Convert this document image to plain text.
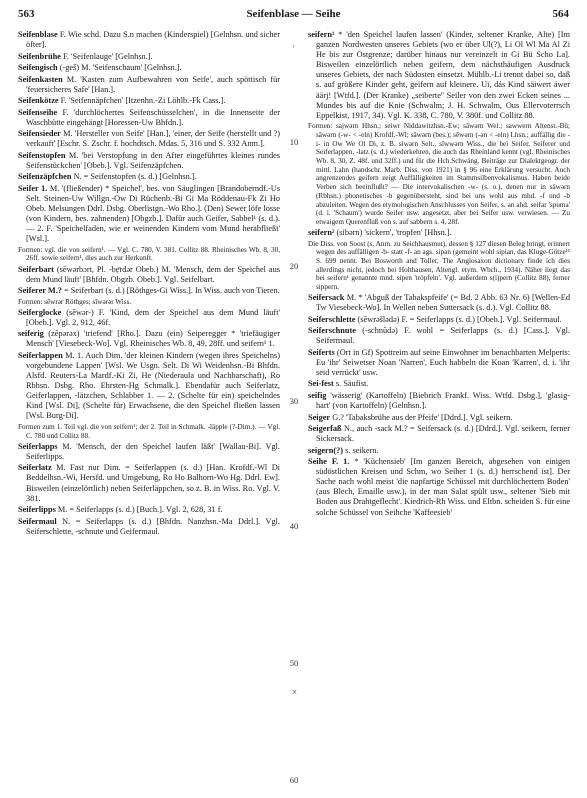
563	Seifenblase — Seihe	564

Seifenblase F. Wie schd. Dazu S.n machen (Kinderspiel) [Gelnhsn. und sicher öfter].

Seifenbrühe F. 'Seifenlauge' [Gelnhsn.].

Seifengisch (-geš) M. 'Seifenschaum' [Gelnhsn.].

Seifenkasten M. 'Kasten zum Aufbewahren von Seife', auch spöttisch für 'feuersicheres Safe' [Han.].

Seifenkötze F. 'Seifennäpfchen' [Itzenhn.-Zi Löhlb.-Fk Cass.].

Seifenseihe F. 'durchlöchertes Seifenschüsselchen', in die Innenseite der Waschbütte eingehängt [Horessen-Uw Bhfdn.].

Seifensieder M. 'Hersteller von Seife' [Han.], 'einer, der Seife (herstellt und ?) verkauft' [Eschr. S. Zschr. f. hochdtsch. Mdas. 5, 316 und S. 332 Anm.].

Seifenstopfen M. 'bei Verstopfung in den After eingeführtes kleines rundes Seifenstückchen' [Obeb.]. Vgl. Seifenzäpfchen.

Seifenzäpfchen N. = Seifenstopfen (s. d.) [Gelnhsn.].

Seifer 1. M. '(fließender) * Speichel', bes. von Säuglingen [Brandoberndf.-Us Selt. Steinen-Uw Willgn.-Ow Di Rüchenb.-Bi Gi Ma Röddenau-Fk Zi Ho Obeb. Melsungen Ddrl. Dsbg. Oberlistgn.-Wo Rho.]. (Den) Sewer löfe losse (von Kindern, bes. zahnenden) [Obgzb.]. Dafür auch Geifer, Sabbel¹ (s. d.). — 2. F. 'Speichelfaden, wie er weinenden Kindern vom Mund herabfließt' [Wsl.].

Formen: vgl. die von seifern¹. — Vgl. C. 780, V. 381. Collitz 88. Rheinisches Wb. 8, 30, 26ff. sowie seifern¹, dies auch zur Herkunft.

Seiferbart (sēwərbɔrt, Pl. -bẹ̄rdər Obeb.) M. 'Mensch, dem der Speichel aus dem Mund läuft' [Bhfdn. Obgzb. Obeb.]. Vgl. Seifelbart.

Seiferer M.? = Seiferbart (s. d.) [Röthges-Gi Wiss.]. In Wiss. auch von Tieren.

Formen: sēwrər Röthges; sīwərər Wiss.

Seiferglocke (sēwər-) F. 'Kind, dem der Speichel aus dem Mund läuft' [Obeb.]. Vgl. 2, 912, 46f.

seiferig (zēpərəx) 'triefend' [Rho.]. Dazu (ein) Seiperegger * 'triefäugiger Mensch' [Viesebeck-Wo]. Vgl. Rheinisches Wb. 8, 49, 28ff. und seifern¹ 1.

Seiferlappen M. 1. Auch Dim. 'der kleinen Kindern (wegen ihres Speichelns) vorgebundene Lappen' [Wsl. We Usgn. Selt. Di Wi Weidenhsn.-Bi Bhfdn. Alsfd. Reuters-La Mardf.-Ki Zi, He (Niederaula und Nachbarschaft), Ro Rbhsn. Dsbg. Rho. Ehrsten-Hg Schmalk.]. Ebendafür auch Seiferlatz, Geiferlappen, -lätzchen, Schlabber 1. — 2. (Schelte für ein) speichelndes Kind [Wsl. Di], (Schelte für) Erwachsene, die den Speichel fließen lassen [Wsl. Burg-Di].

Formen zum 1. Teil vgl. die von seifern¹; der 2. Teil in Schmalk. -läpple (?-Dim.). — Vgl. C. 780 und Collitz 88.

Seiferlapps M. 'Mensch, der den Speichel laufen läßt' [Wallau-Bi]. Vgl. Seiferlipps.

Seiferlatz M. Fast nur Dim. = Seiferlappen (s. d.) [Han. Krofdf.-Wl Di Beddelhsn.-Wi, Hersfd. und Umgebung, Ro Ho Balhorn-Wo Hg. Ddrl. Ew]. Bisweilen (einzelörtlich) neben Seiferläppchen, so z. B. in Wiss. Ro. Vgl. V. 381.

Seiferlipps M. = Seiferlapps (s. d.) [Buch.]. Vgl. 2, 628, 31 f.

Seifermaul N. = Seiferlapps (s. d.) [Bhfdn. Nanzhsn.-Ma Ddrl.]. Vgl. Seiferschlette, -schnute und Geifermaul.

seifern¹ * 'den Speichel laufen lassen' (Kinder, seltener Kranke, Alte) [Im ganzen Nordwesten unseres Gebiets (wo er über Ul(?), Li Ol Wl Ma Al Zi He bis zur Ostgrenze; darüber hinaus nur vereinzelt in Gi Bü Scho La]. Bisweilen einzelörtlich neben geifern, dem nächsthäufigen Ausdruck unseres Gebiets, der nach Südosten einsetzt. Mühlb.-Li trennt dabei so, daß s. auf größere Kinder geht, geifern auf kleinere. Ui, dás Kind säiwert äwer äärj! [Wtfd.]. (Der Kranke) „seiberte'' Seiler von den zwei Ecken seines ... Mundes bis auf die Knie (Schwalm; J. H. Schwalm, Ous Ellervoterrsch Eppelkist, 1917, 34). Vgl. K. 338, C. 780, V. 380f. und Collitz 88.

Formen: sajwərn Hhsn.; seiwr Niddawitzhsn.-Ew; sāwərn Wel.; sawwern Altenst.-Bü; sāwərn (-w- < -eln) Krofdf.-Wl; sāwərn (bes.); sēwərn (-ən < -eln) Lhsn.; auffällig die -i- in Ow We Ol Di, z. B. siwərn Selt., sīwwərn Wiss., die bei Seifer, Seiferer und Seiferlappen, -latz (s. d.) wiederkehren, die auch das Rheinland kennt (vgl. Rheinisches Wb. 8, 30, Z. 48f. und 32ff.) und für die Hch.Schwäng. Beiträge zur Dialektgeogr. der mittl. Lahn (handschr. Marb. Diss. von 1921) in § 96 eine Erklärung versucht. Auch angrenzendes geifern zeigt Auffälligkeiten im Stammsilbenvokalismus. Haben beide Verben sich beeinflußt? — Die intervokalischen -w- (s. o.), denen nur in säwərn (Rbhsn.) phonetisches -b gegenübersteht, sind bei uns wohl aus mhd. -f und -b abzuleiten. Wegen des etymologischen Anschlusses von Seifer, s. an ahd. seifar 'spuma' (d. i. 'Schaum') wurde Seifer usw. angesetzt, aber bei Seifer usw. verwiesen. — Zu etwaigem Querenfluß von s. auf sabbern s. 4, 28f.

seifern² (sibərn) 'sickern', 'tropfen' [Hhsn.].

Die Diss. von Soost (s. Anm. zu Seichhausmut), dessen § 127 diesen Beleg bringt, erinnert wegen des auffälligen -b- statt -f- an ags. sipan (gemeint wohl sipian, das Kluge-Götze¹¹ S. 699 nennt. Bei Bosworth and Toller, The Anglosaxon dictionary finde ich dies allerdings nicht, jedoch bei Holthausen, Altengl. etym. Wbch., 1934). Näher liegt das bei seifern¹ genannte mnd. sipen 'tröpfeln'. Vgl. außerdem s(i)pern (Collitz 88), ferner sippern.

Seifersack M. * 'Abguß der Tabakspfeife' (= Bd. 2 Abb. 63 Nr. 6) [Wellen-Ed Tw Viesebeck-Wo]. In Wellen neben Suttersack (s. d.). Vgl. Collitz 88.

Seiferschlette (sēwrəšlədə) F. = Seiferlapps (s. d.) [Obeb.]. Vgl. Seifermaul.

Seiferschnute (-schnūdə) F. wohl = Seiferlapps (s. d.) [Cass.]. Vgl. Seifermaul.

Seiferts (Ort in Gf) Spottreim auf seine Einwohner im benachbarten Melperts: Eu 'ihr' Seiwetser Noan 'Narren', Euch habbeln die Koan 'Karren', d. i. 'ihr seid verrückt' usw.

Sei-fest s. Säufist.

seifig 'wässerig' (Kartoffeln) [Biebrich Frankf. Wiss. Wtfd. Dsbg.], 'glasig-hart' (von Kartoffeln) [Gelnhsn.].

Seiger G.? 'Tabaksbrühe aus der Pfeife' [Ddrd.]. Vgl. seikern.

Seigerfaß N., auch -sack M.? = Seifersack (s. d.) [Ddrd.]. Vgl. seikern, ferner Sickersack.

seigern(?) s. seikern.

Seihe F. 1. * 'Küchensieb' [Im ganzen Bereich, abgesehen von einigen südöstlichen Kreisen und Schm, wo Seiher 1 (s. d.) herrschend ist]. Der Sache nach wohl meist 'die napfartige Schüssel mit durchlöchertem Boden' (aus Blech, Emaille usw.), in der man Salat spült usw., seltener 'Sieb mit Boden aus Drahtgeflecht'. Kiedrich-Rh Wiss. und Eltbn. scheiden S. für eine solche Schüssel von Seihche 'Kaffeesieb'

10
20
30
40
50
60
'
×
